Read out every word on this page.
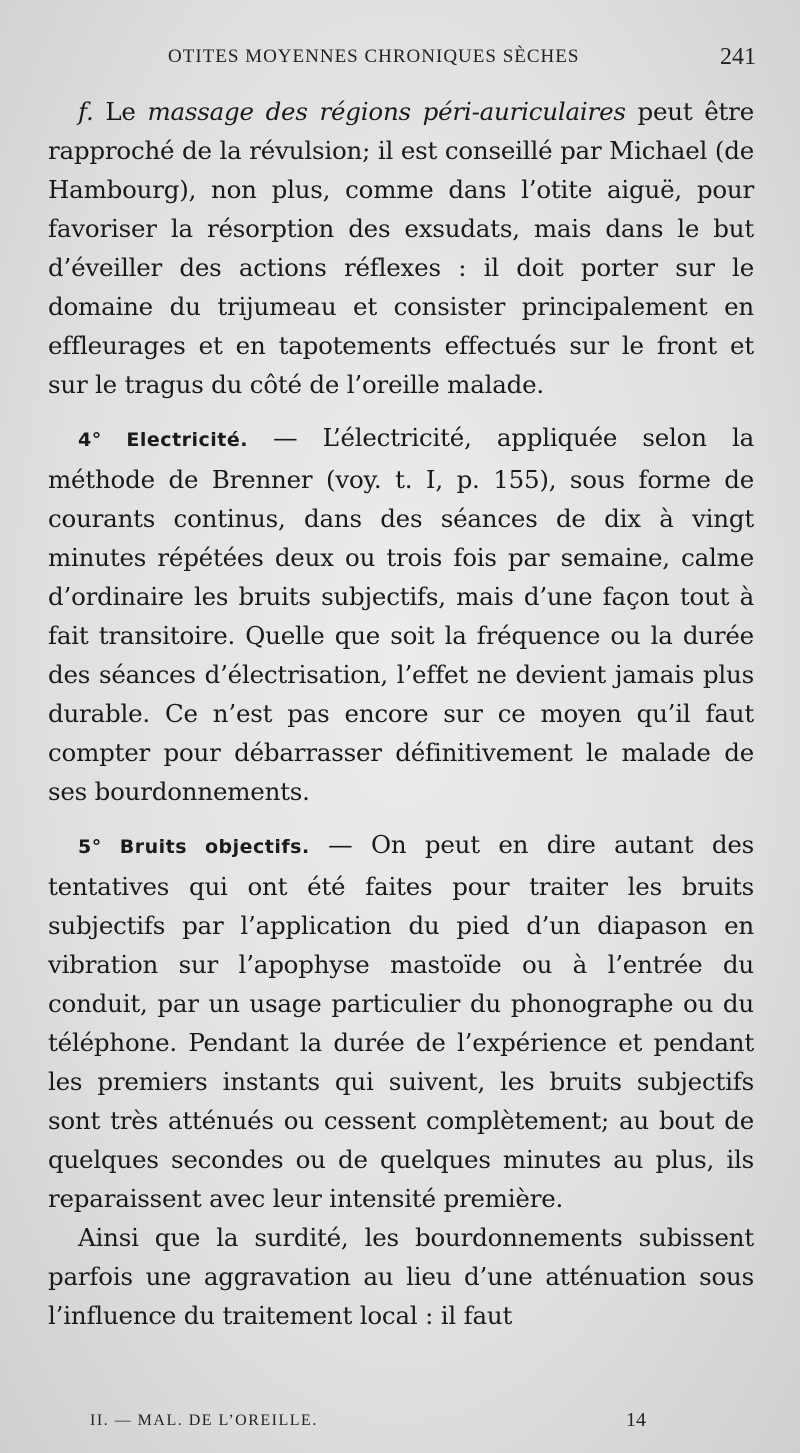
OTITES MOYENNES CHRONIQUES SÈCHES	241

f. Le massage des régions péri-auriculaires peut être rapproché de la révulsion; il est conseillé par Michael (de Hambourg), non plus, comme dans l’otite aiguë, pour favoriser la résorption des exsudats, mais dans le but d’éveiller des actions réflexes : il doit porter sur le domaine du trijumeau et consister principalement en effleurages et en tapotements effectués sur le front et sur le tragus du côté de l’oreille malade.

4° Electricité. — L’électricité, appliquée selon la méthode de Brenner (voy. t. I, p. 155), sous forme de courants continus, dans des séances de dix à vingt minutes répétées deux ou trois fois par semaine, calme d’ordinaire les bruits subjectifs, mais d’une façon tout à fait transitoire. Quelle que soit la fréquence ou la durée des séances d’électrisation, l’effet ne devient jamais plus durable. Ce n’est pas encore sur ce moyen qu’il faut compter pour débarrasser définitivement le malade de ses bourdonnements.

5° Bruits objectifs. — On peut en dire autant des tentatives qui ont été faites pour traiter les bruits subjectifs par l’application du pied d’un diapason en vibration sur l’apophyse mastoïde ou à l’entrée du conduit, par un usage particulier du phonographe ou du téléphone. Pendant la durée de l’expérience et pendant les premiers instants qui suivent, les bruits subjectifs sont très atténués ou cessent complètement; au bout de quelques secondes ou de quelques minutes au plus, ils reparaissent avec leur intensité première.

Ainsi que la surdité, les bourdonnements subissent parfois une aggravation au lieu d’une atténuation sous l’influence du traitement local : il faut

II. — MAL. DE L’OREILLE.	14
